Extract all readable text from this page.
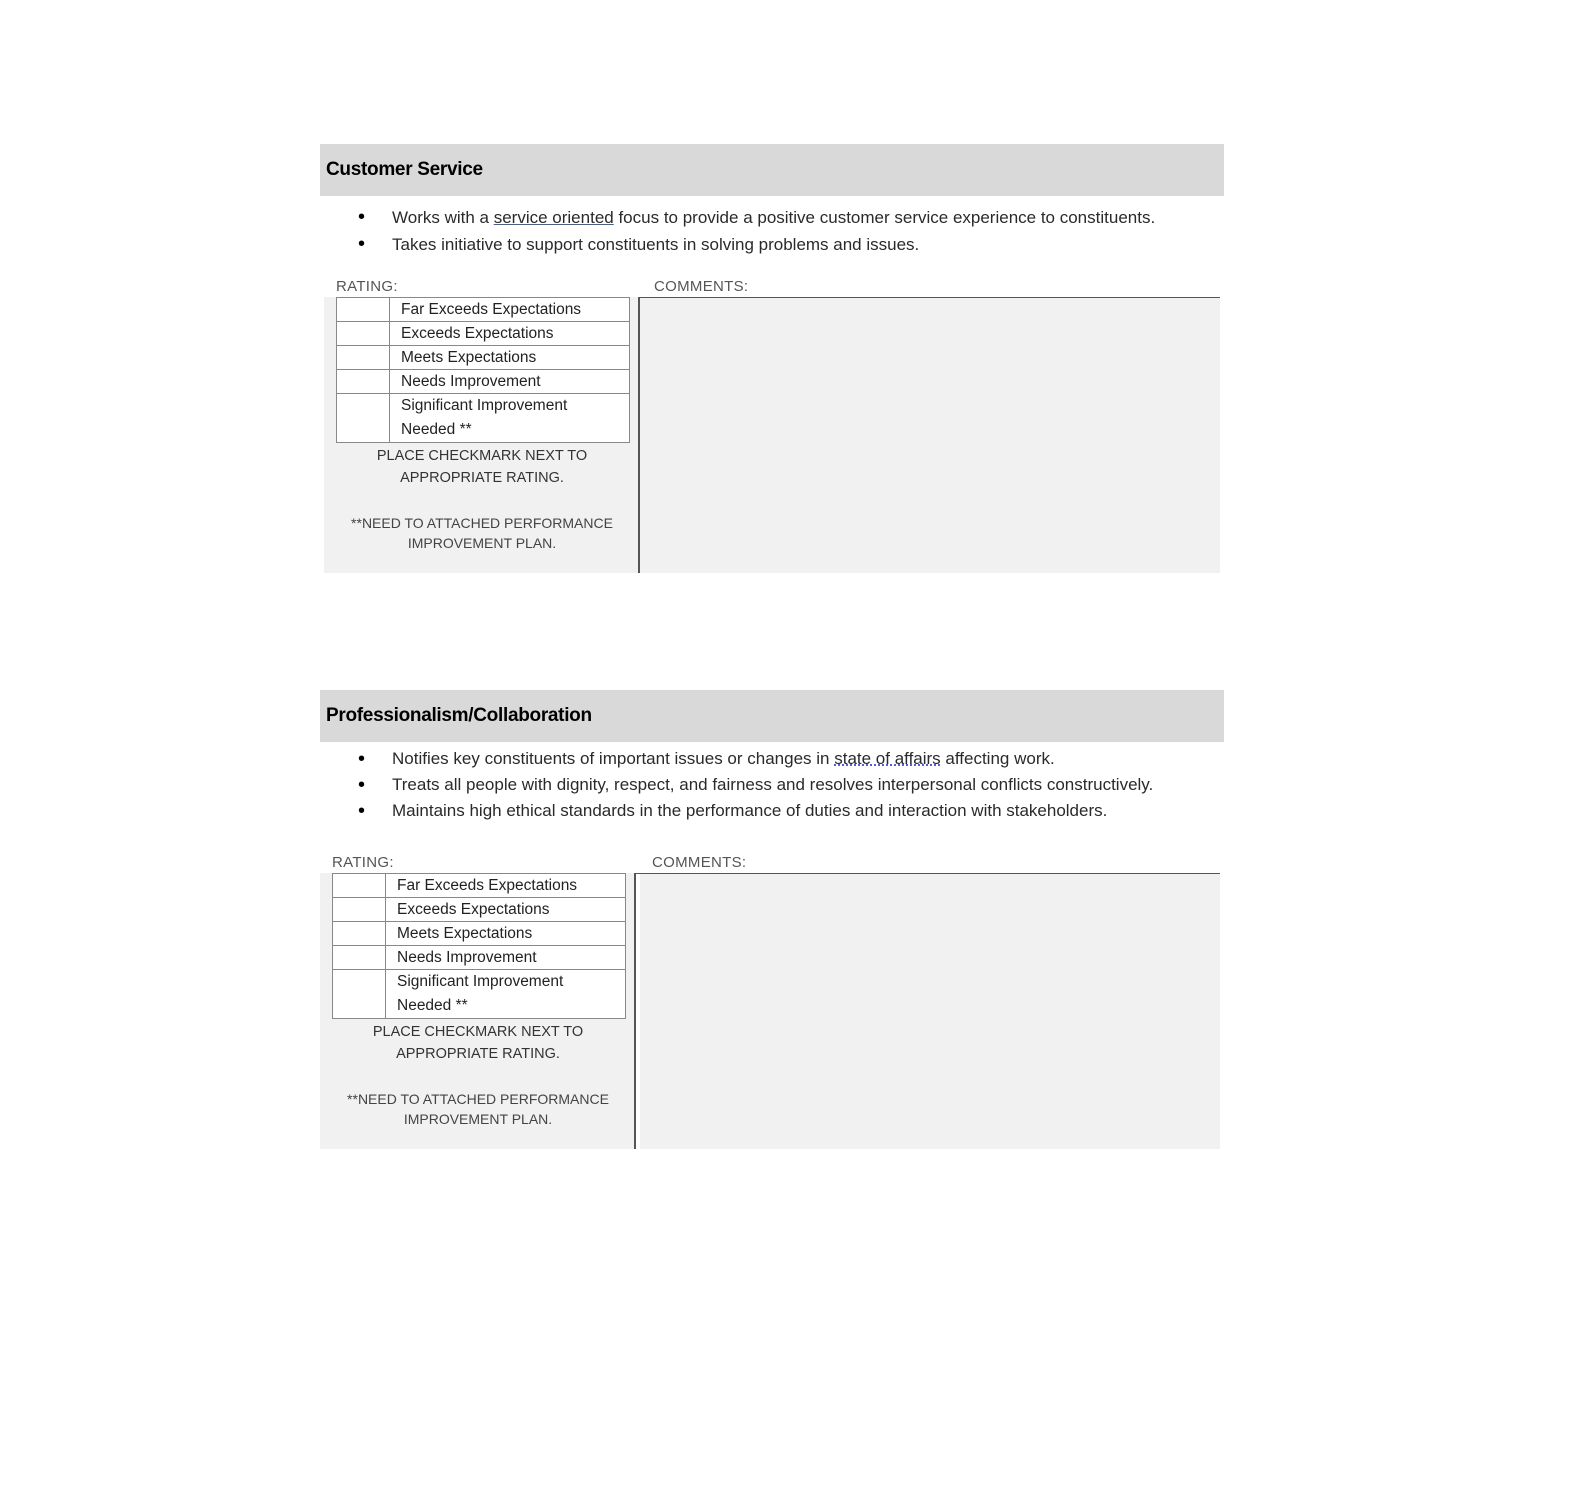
Customer Service
• Works with a service oriented focus to provide a positive customer service experience to constituents.
• Takes initiative to support constituents in solving problems and issues.
RATING:	COMMENTS:
	Far Exceeds Expectations
	Exceeds Expectations
	Meets Expectations
	Needs Improvement
	Significant Improvement
Needed **
PLACE CHECKMARK NEXT TO
APPROPRIATE RATING.
**NEED TO ATTACHED PERFORMANCE
IMPROVEMENT PLAN.
Professionalism/Collaboration
• Notifies key constituents of important issues or changes in state of affairs affecting work.
• Treats all people with dignity, respect, and fairness and resolves interpersonal conflicts constructively.
• Maintains high ethical standards in the performance of duties and interaction with stakeholders.
RATING:	COMMENTS:
	Far Exceeds Expectations
	Exceeds Expectations
	Meets Expectations
	Needs Improvement
	Significant Improvement
Needed **
PLACE CHECKMARK NEXT TO
APPROPRIATE RATING.
**NEED TO ATTACHED PERFORMANCE
IMPROVEMENT PLAN.
